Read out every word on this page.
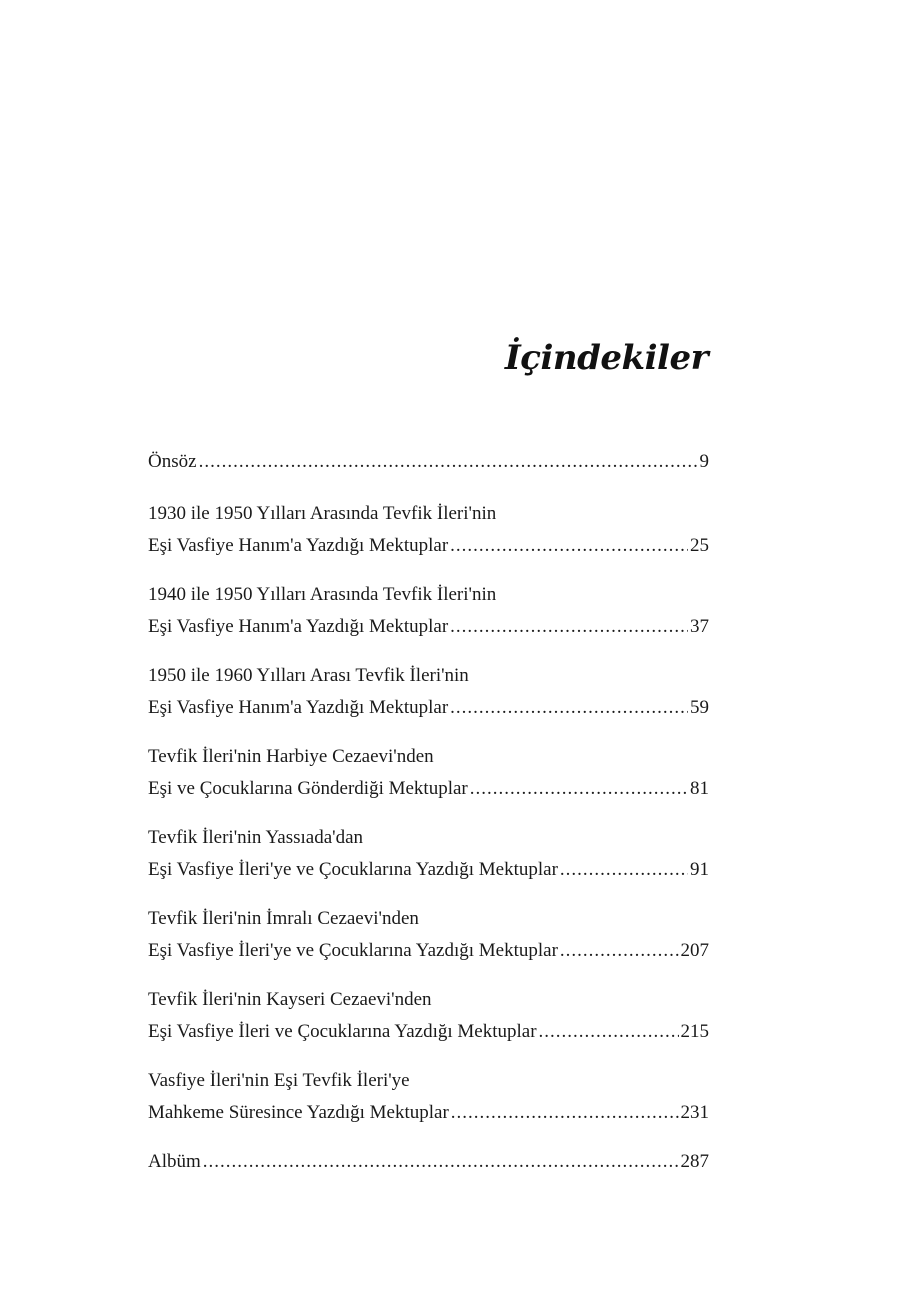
İçindekiler
Önsöz .....	9
1930 ile 1950 Yılları Arasında Tevfik İleri'nin
Eşi Vasfiye Hanım'a Yazdığı Mektuplar .....	25
1940 ile 1950 Yılları Arasında Tevfik İleri'nin
Eşi Vasfiye Hanım'a Yazdığı Mektuplar .....	37
1950 ile 1960 Yılları Arası Tevfik İleri'nin
Eşi Vasfiye Hanım'a Yazdığı Mektuplar .....	59
Tevfik İleri'nin Harbiye Cezaevi'nden
Eşi ve Çocuklarına Gönderdiği Mektuplar .....	81
Tevfik İleri'nin Yassıada'dan
Eşi Vasfiye İleri'ye ve Çocuklarına Yazdığı Mektuplar .....	91
Tevfik İleri'nin İmralı Cezaevi'nden
Eşi Vasfiye İleri'ye ve Çocuklarına Yazdığı Mektuplar .....	207
Tevfik İleri'nin Kayseri Cezaevi'nden
Eşi Vasfiye İleri ve Çocuklarına Yazdığı Mektuplar .....	215
Vasfiye İleri'nin Eşi Tevfik İleri'ye
Mahkeme Süresince Yazdığı Mektuplar .....	231
Albüm .....	287
